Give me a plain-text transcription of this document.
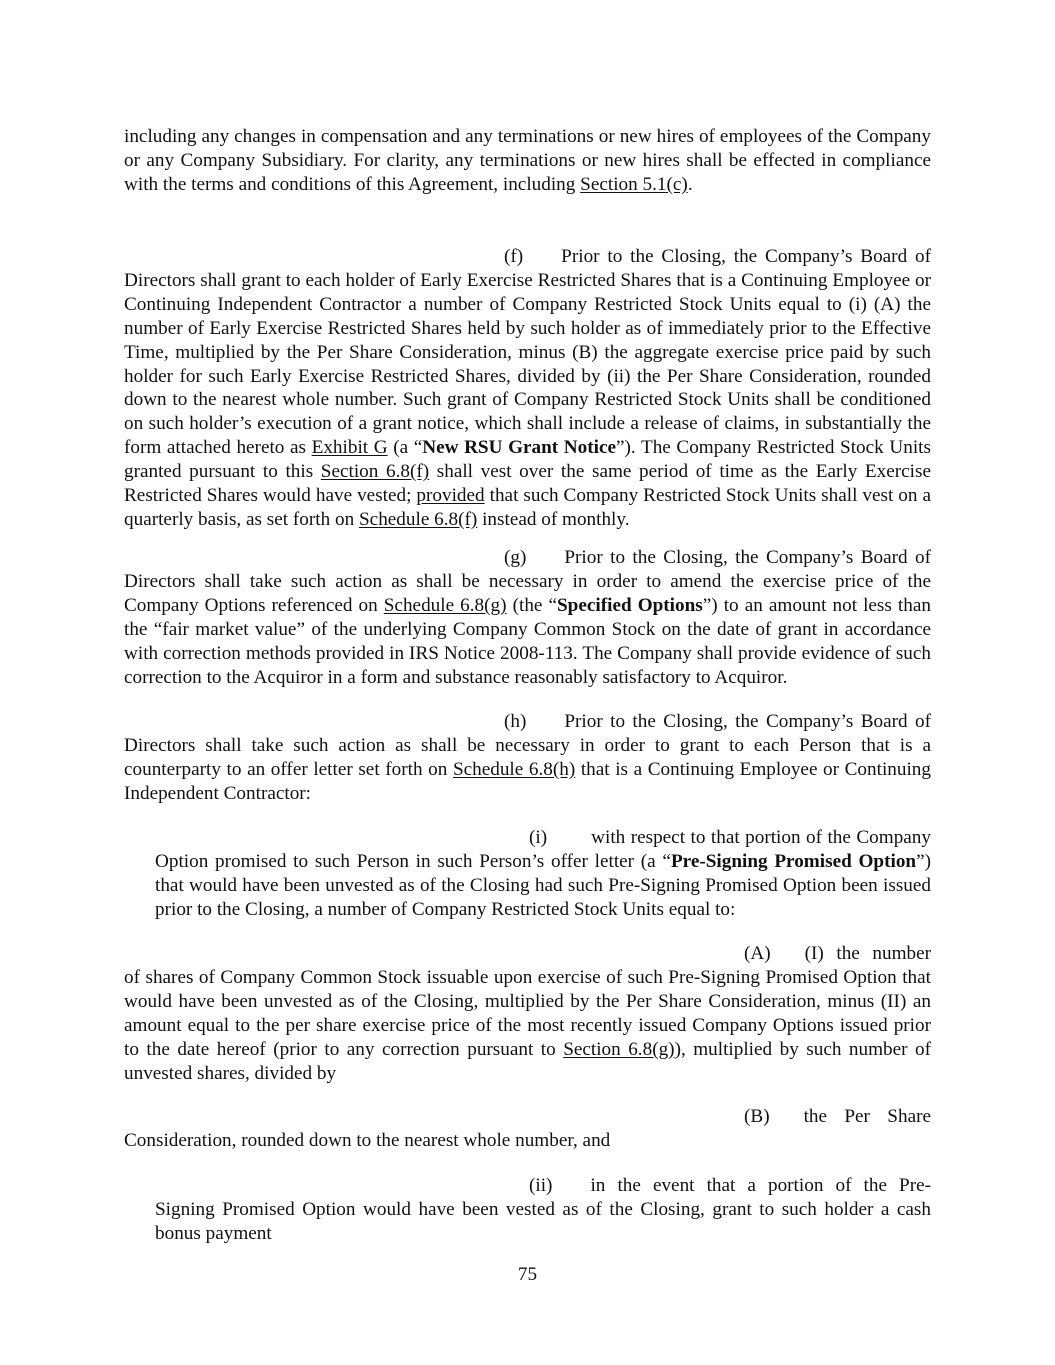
including any changes in compensation and any terminations or new hires of employees of the Company or any Company Subsidiary. For clarity, any terminations or new hires shall be effected in compliance with the terms and conditions of this Agreement, including Section 5.1(c).

(f) Prior to the Closing, the Company’s Board of Directors shall grant to each holder of Early Exercise Restricted Shares that is a Continuing Employee or Continuing Independent Contractor a number of Company Restricted Stock Units equal to (i) (A) the number of Early Exercise Restricted Shares held by such holder as of immediately prior to the Effective Time, multiplied by the Per Share Consideration, minus (B) the aggregate exercise price paid by such holder for such Early Exercise Restricted Shares, divided by (ii) the Per Share Consideration, rounded down to the nearest whole number. Such grant of Company Restricted Stock Units shall be conditioned on such holder’s execution of a grant notice, which shall include a release of claims, in substantially the form attached hereto as Exhibit G (a “New RSU Grant Notice”). The Company Restricted Stock Units granted pursuant to this Section 6.8(f) shall vest over the same period of time as the Early Exercise Restricted Shares would have vested; provided that such Company Restricted Stock Units shall vest on a quarterly basis, as set forth on Schedule 6.8(f) instead of monthly.

(g) Prior to the Closing, the Company’s Board of Directors shall take such action as shall be necessary in order to amend the exercise price of the Company Options referenced on Schedule 6.8(g) (the “Specified Options”) to an amount not less than the “fair market value” of the underlying Company Common Stock on the date of grant in accordance with correction methods provided in IRS Notice 2008-113. The Company shall provide evidence of such correction to the Acquiror in a form and substance reasonably satisfactory to Acquiror.

(h) Prior to the Closing, the Company’s Board of Directors shall take such action as shall be necessary in order to grant to each Person that is a counterparty to an offer letter set forth on Schedule 6.8(h) that is a Continuing Employee or Continuing Independent Contractor:

(i) with respect to that portion of the Company Option promised to such Person in such Person’s offer letter (a “Pre-Signing Promised Option”) that would have been unvested as of the Closing had such Pre-Signing Promised Option been issued prior to the Closing, a number of Company Restricted Stock Units equal to:

(A) (I) the number of shares of Company Common Stock issuable upon exercise of such Pre-Signing Promised Option that would have been unvested as of the Closing, multiplied by the Per Share Consideration, minus (II) an amount equal to the per share exercise price of the most recently issued Company Options issued prior to the date hereof (prior to any correction pursuant to Section 6.8(g)), multiplied by such number of unvested shares, divided by

(B) the Per Share Consideration, rounded down to the nearest whole number, and

(ii) in the event that a portion of the Pre-Signing Promised Option would have been vested as of the Closing, grant to such holder a cash bonus payment

75
